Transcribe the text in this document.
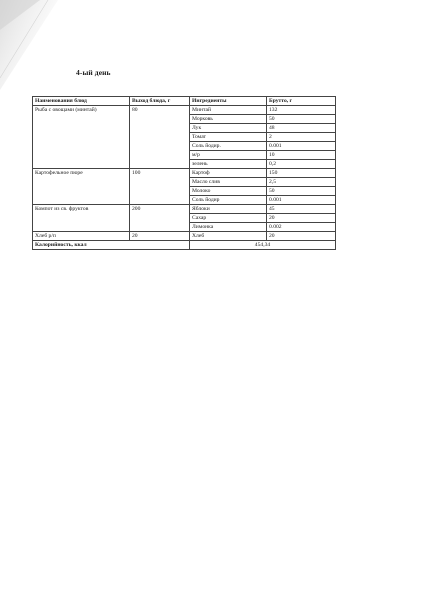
4-ый день
Наименования блюд	Выход блюда, г	Ингредиенты	Брутто, г
Рыба с овощами (минтай)	80	Минтай	132
		Морковь	50
		Лук	48
		Томат	2
		Соль йодир.	0.001
		м/р	10
		зелень	0,2
Картофельное пюре	100	Картоф	150
		Масло слив	2,5
		Молоко	50
		Соль йодир	0.001
Компот из св. фруктов	200	Яблоки	45
		Сахар	20
		Лимонка	0.002
Хлеб р/п	20	Хлеб	20
Калорийность, ккал		454,34	
